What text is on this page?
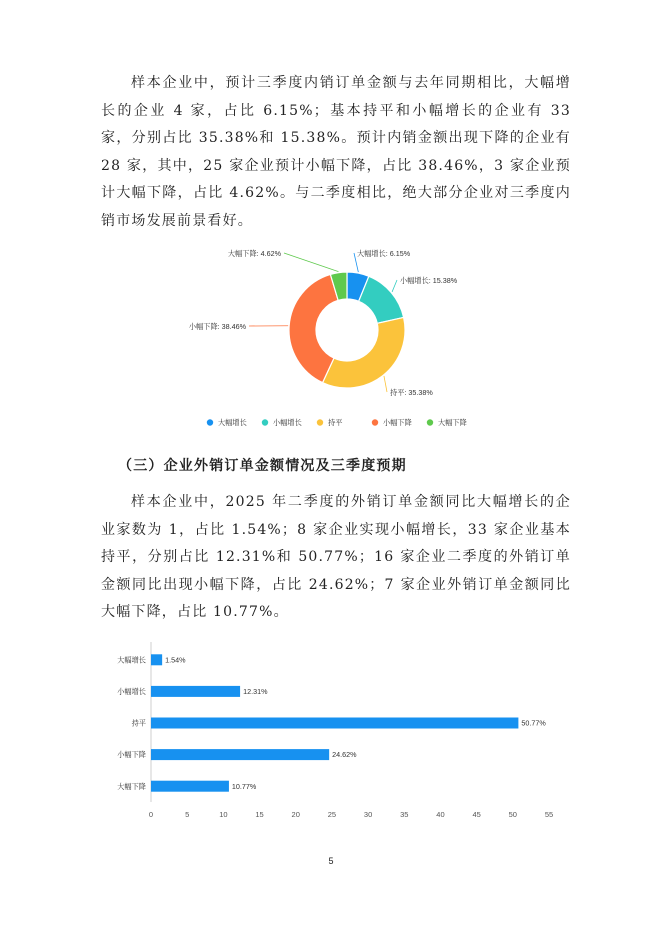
样本企业中，预计三季度内销订单金额与去年同期相比，大幅增长的企业 4 家，占比 6.15%；基本持平和小幅增长的企业有 33 家，分别占比 35.38%和 15.38%。预计内销金额出现下降的企业有 28 家，其中，25 家企业预计小幅下降，占比 38.46%，3 家企业预计大幅下降，占比 4.62%。与二季度相比，绝大部分企业对三季度内销市场发展前景看好。

大幅增长: 6.15%
小幅增长: 15.38%
持平: 35.38%
小幅下降: 38.46%
大幅下降: 4.62%
大幅增长	小幅增长	持平	小幅下降	大幅下降

（三）企业外销订单金额情况及三季度预期

样本企业中，2025 年二季度的外销订单金额同比大幅增长的企业家数为 1，占比 1.54%；8 家企业实现小幅增长，33 家企业基本持平，分别占比 12.31%和 50.77%；16 家企业二季度的外销订单金额同比出现小幅下降，占比 24.62%；7 家企业外销订单金额同比大幅下降，占比 10.77%。

1.54%
12.31%
50.77%
24.62%
10.77%
大幅增长
小幅增长
持平
小幅下降
大幅下降
0	5	10	15	20	25	30	35	40	45	50	55
5
